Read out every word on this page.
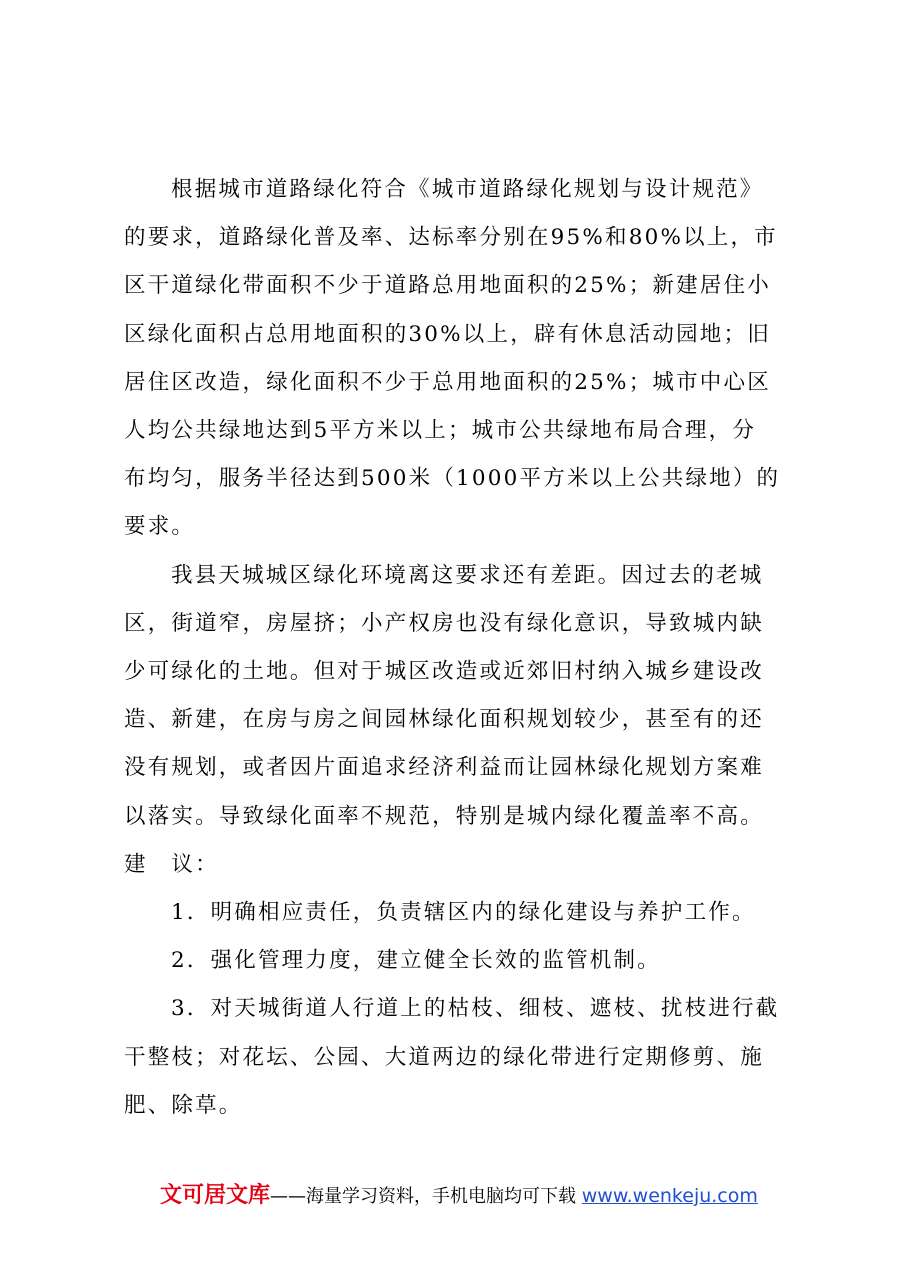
根据城市道路绿化符合《城市道路绿化规划与设计规范》
的要求，道路绿化普及率、达标率分别在95%和80%以上，市
区干道绿化带面积不少于道路总用地面积的25%；新建居住小
区绿化面积占总用地面积的30%以上，辟有休息活动园地；旧
居住区改造，绿化面积不少于总用地面积的25%；城市中心区
人均公共绿地达到5平方米以上；城市公共绿地布局合理，分
布均匀，服务半径达到500米（1000平方米以上公共绿地）的
要求。

我县天城城区绿化环境离这要求还有差距。因过去的老城
区，街道窄，房屋挤；小产权房也没有绿化意识，导致城内缺
少可绿化的土地。但对于城区改造或近郊旧村纳入城乡建设改
造、新建，在房与房之间园林绿化面积规划较少，甚至有的还
没有规划，或者因片面追求经济利益而让园林绿化规划方案难
以落实。导致绿化面率不规范，特别是城内绿化覆盖率不高。

建　议：

1．明确相应责任，负责辖区内的绿化建设与养护工作。

2．强化管理力度，建立健全长效的监管机制。

3．对天城街道人行道上的枯枝、细枝、遮枝、扰枝进行截
干整枝；对花坛、公园、大道两边的绿化带进行定期修剪、施
肥、除草。

文可居文库——海量学习资料，手机电脑均可下载 www.wenkeju.com
